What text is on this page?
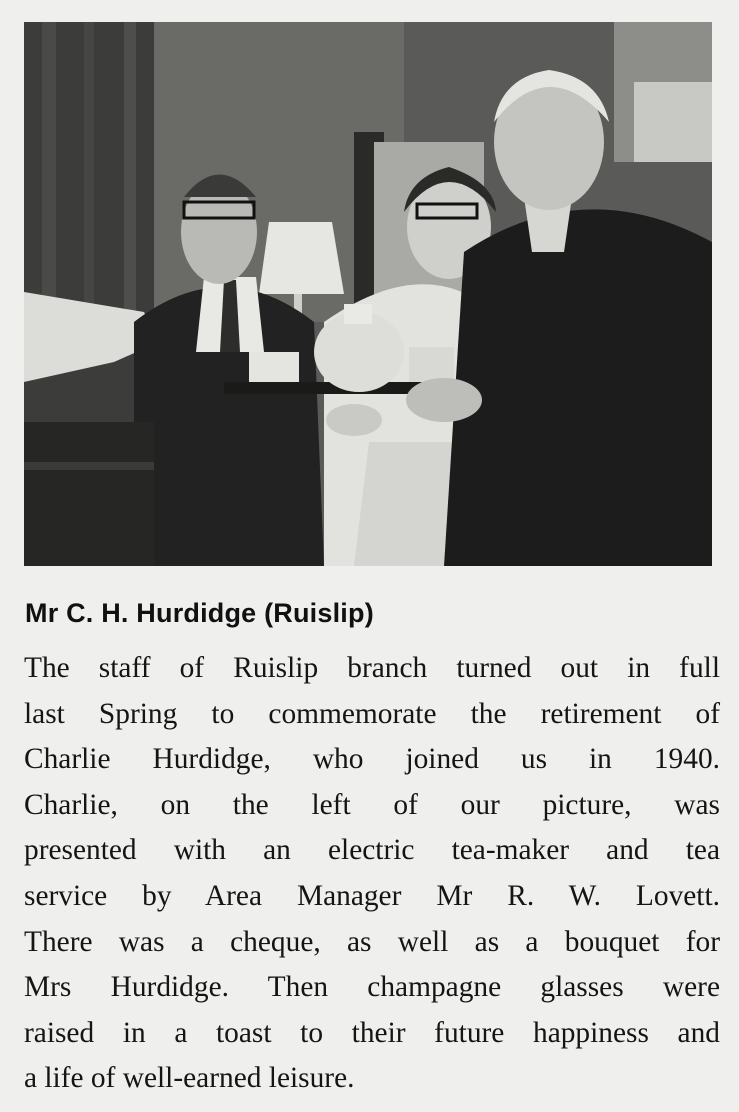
Mr C. H. Hurdidge (Ruislip)
The staff of Ruislip branch turned out in full
last Spring to commemorate the retirement of
Charlie Hurdidge, who joined us in 1940.
Charlie, on the left of our picture, was
presented with an electric tea-maker and tea
service by Area Manager Mr R. W. Lovett.
There was a cheque, as well as a bouquet for
Mrs Hurdidge. Then champagne glasses were
raised in a toast to their future happiness and
a life of well-earned leisure.
